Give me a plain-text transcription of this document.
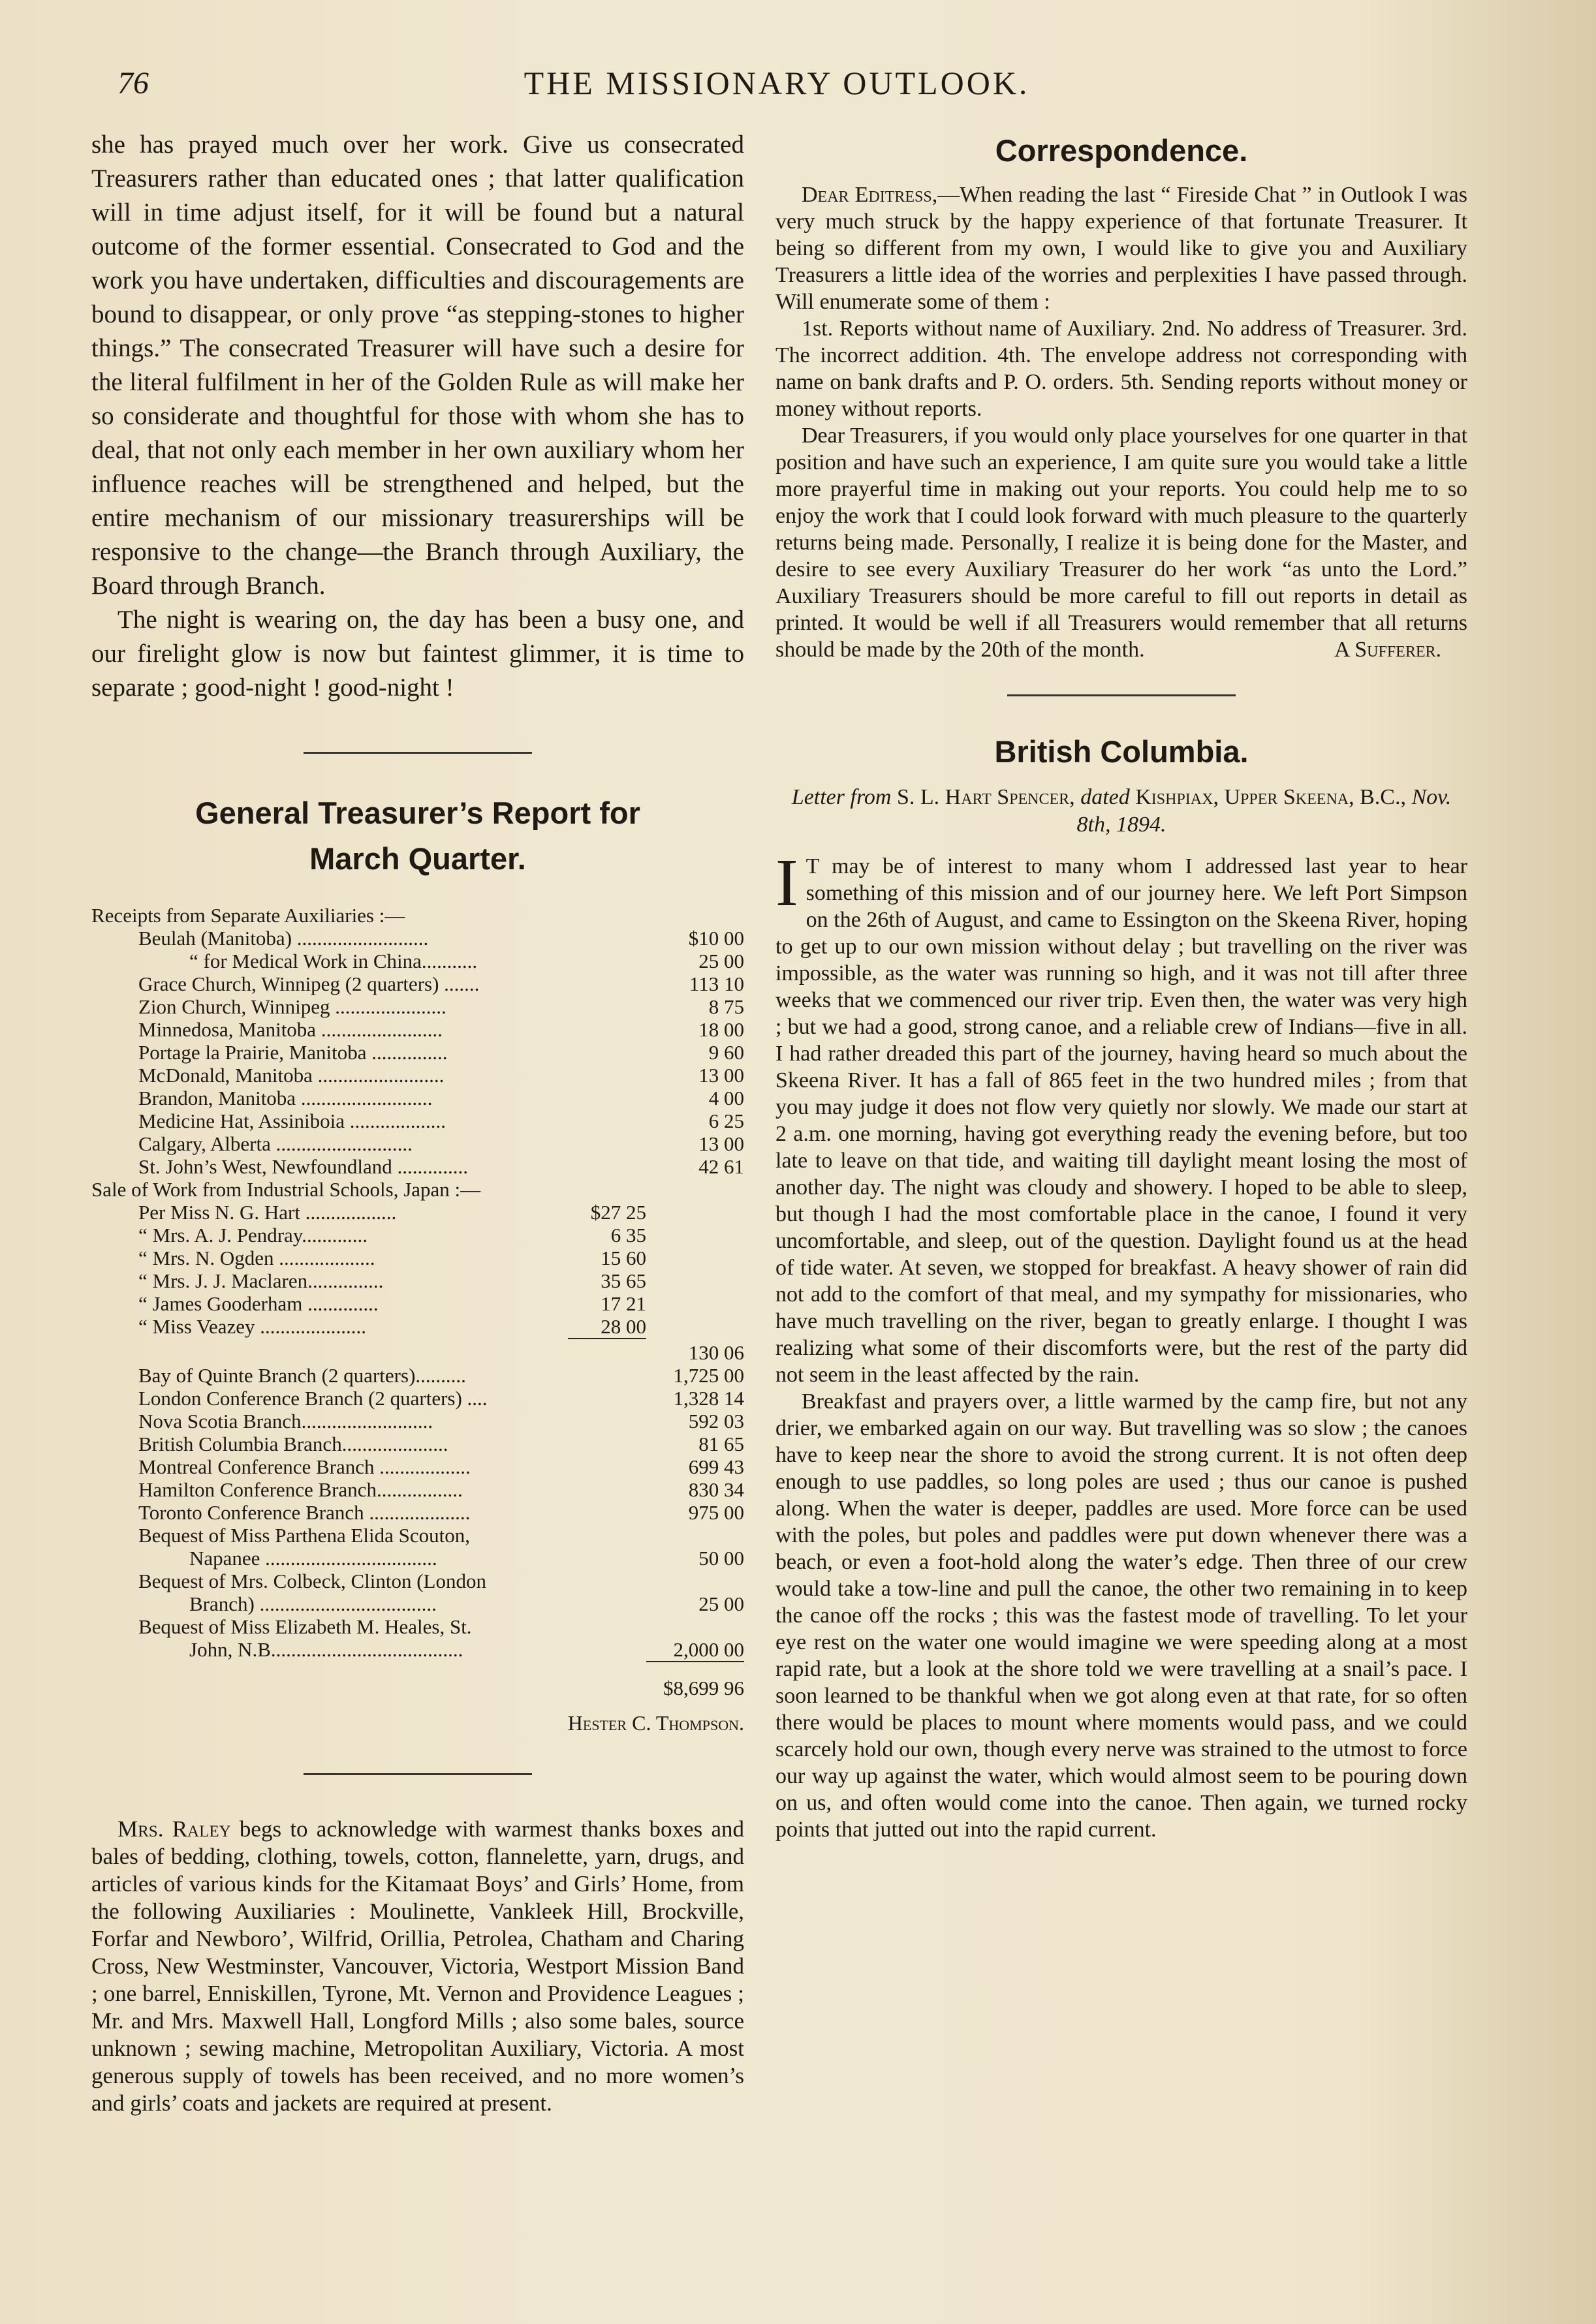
76	THE MISSIONARY OUTLOOK.

she has prayed much over her work. Give us consecrated Treasurers rather than educated ones ; that latter qualification will in time adjust itself, for it will be found but a natural outcome of the former essential. Consecrated to God and the work you have undertaken, difficulties and discouragements are bound to disappear, or only prove “as stepping-stones to higher things.” The consecrated Treasurer will have such a desire for the literal fulfilment in her of the Golden Rule as will make her so considerate and thoughtful for those with whom she has to deal, that not only each member in her own auxiliary whom her influence reaches will be strengthened and helped, but the entire mechanism of our missionary treasurerships will be responsive to the change—the Branch through Auxiliary, the Board through Branch.

The night is wearing on, the day has been a busy one, and our firelight glow is now but faintest glimmer, it is time to separate ; good-night ! good-night !

General Treasurer’s Report for
March Quarter.
Receipts from Separate Auxiliaries :—		
Beulah (Manitoba) ..........................		$10 00
“ for Medical Work in China...........		25 00
Grace Church, Winnipeg (2 quarters) .......		113 10
Zion Church, Winnipeg ......................		8 75
Minnedosa, Manitoba ........................		18 00
Portage la Prairie, Manitoba ...............		9 60
McDonald, Manitoba .........................		13 00
Brandon, Manitoba ..........................		4 00
Medicine Hat, Assiniboia ...................		6 25
Calgary, Alberta ...........................		13 00
St. John’s West, Newfoundland ..............		42 61
Sale of Work from Industrial Schools, Japan :—		
Per Miss N. G. Hart ..................	$27 25	
“ Mrs. A. J. Pendray.............	6 35	
“ Mrs. N. Ogden ...................	15 60	
“ Mrs. J. J. Maclaren...............	35 65	
“ James Gooderham ..............	17 21	
“ Miss Veazey .....................	28 00	
		130 06
Bay of Quinte Branch (2 quarters)..........		1,725 00
London Conference Branch (2 quarters) ....		1,328 14
Nova Scotia Branch..........................		592 03
British Columbia Branch.....................		81 65
Montreal Conference Branch ..................		699 43
Hamilton Conference Branch.................		830 34
Toronto Conference Branch ....................		975 00
Bequest of Miss Parthena Elida Scouton,		
Napanee ..................................		50 00
Bequest of Mrs. Colbeck, Clinton (London		
Branch) ...................................		25 00
Bequest of Miss Elizabeth M. Heales, St.		
John, N.B......................................		2,000 00
		$8,699 96

Hester C. Thompson.

Mrs. Raley begs to acknowledge with warmest thanks boxes and bales of bedding, clothing, towels, cotton, flannelette, yarn, drugs, and articles of various kinds for the Kitamaat Boys’ and Girls’ Home, from the following Auxiliaries : Moulinette, Vankleek Hill, Brockville, Forfar and Newboro’, Wilfrid, Orillia, Petrolea, Chatham and Charing Cross, New Westminster, Vancouver, Victoria, Westport Mission Band ; one barrel, Enniskillen, Tyrone, Mt. Vernon and Providence Leagues ; Mr. and Mrs. Maxwell Hall, Longford Mills ; also some bales, source unknown ; sewing machine, Metropolitan Auxiliary, Victoria. A most generous supply of towels has been received, and no more women’s and girls’ coats and jackets are required at present.

Correspondence.

Dear Editress,—When reading the last “ Fireside Chat ” in Outlook I was very much struck by the happy experience of that fortunate Treasurer. It being so different from my own, I would like to give you and Auxiliary Treasurers a little idea of the worries and perplexities I have passed through. Will enumerate some of them :

1st. Reports without name of Auxiliary. 2nd. No address of Treasurer. 3rd. The incorrect addition. 4th. The envelope address not corresponding with name on bank drafts and P. O. orders. 5th. Sending reports without money or money without reports.

Dear Treasurers, if you would only place yourselves for one quarter in that position and have such an experience, I am quite sure you would take a little more prayerful time in making out your reports. You could help me to so enjoy the work that I could look forward with much pleasure to the quarterly returns being made. Personally, I realize it is being done for the Master, and desire to see every Auxiliary Treasurer do her work “as unto the Lord.” Auxiliary Treasurers should be more careful to fill out reports in detail as printed. It would be well if all Treasurers would remember that all returns should be made by the 20th of the month.	A Sufferer.

British Columbia.

Letter from S. L. Hart Spencer, dated Kishpiax, Upper Skeena, B.C., Nov. 8th, 1894.

I T may be of interest to many whom I addressed last year to hear something of this mission and of our journey here. We left Port Simpson on the 26th of August, and came to Essington on the Skeena River, hoping to get up to our own mission without delay ; but travelling on the river was impossible, as the water was running so high, and it was not till after three weeks that we commenced our river trip. Even then, the water was very high ; but we had a good, strong canoe, and a reliable crew of Indians—five in all. I had rather dreaded this part of the journey, having heard so much about the Skeena River. It has a fall of 865 feet in the two hundred miles ; from that you may judge it does not flow very quietly nor slowly. We made our start at 2 a.m. one morning, having got everything ready the evening before, but too late to leave on that tide, and waiting till daylight meant losing the most of another day. The night was cloudy and showery. I hoped to be able to sleep, but though I had the most comfortable place in the canoe, I found it very uncomfortable, and sleep, out of the question. Daylight found us at the head of tide water. At seven, we stopped for breakfast. A heavy shower of rain did not add to the comfort of that meal, and my sympathy for missionaries, who have much travelling on the river, began to greatly enlarge. I thought I was realizing what some of their discomforts were, but the rest of the party did not seem in the least affected by the rain.

Breakfast and prayers over, a little warmed by the camp fire, but not any drier, we embarked again on our way. But travelling was so slow ; the canoes have to keep near the shore to avoid the strong current. It is not often deep enough to use paddles, so long poles are used ; thus our canoe is pushed along. When the water is deeper, paddles are used. More force can be used with the poles, but poles and paddles were put down whenever there was a beach, or even a foot-hold along the water’s edge. Then three of our crew would take a tow-line and pull the canoe, the other two remaining in to keep the canoe off the rocks ; this was the fastest mode of travelling. To let your eye rest on the water one would imagine we were speeding along at a most rapid rate, but a look at the shore told we were travelling at a snail’s pace. I soon learned to be thankful when we got along even at that rate, for so often there would be places to mount where moments would pass, and we could scarcely hold our own, though every nerve was strained to the utmost to force our way up against the water, which would almost seem to be pouring down on us, and often would come into the canoe. Then again, we turned rocky points that jutted out into the rapid current.
